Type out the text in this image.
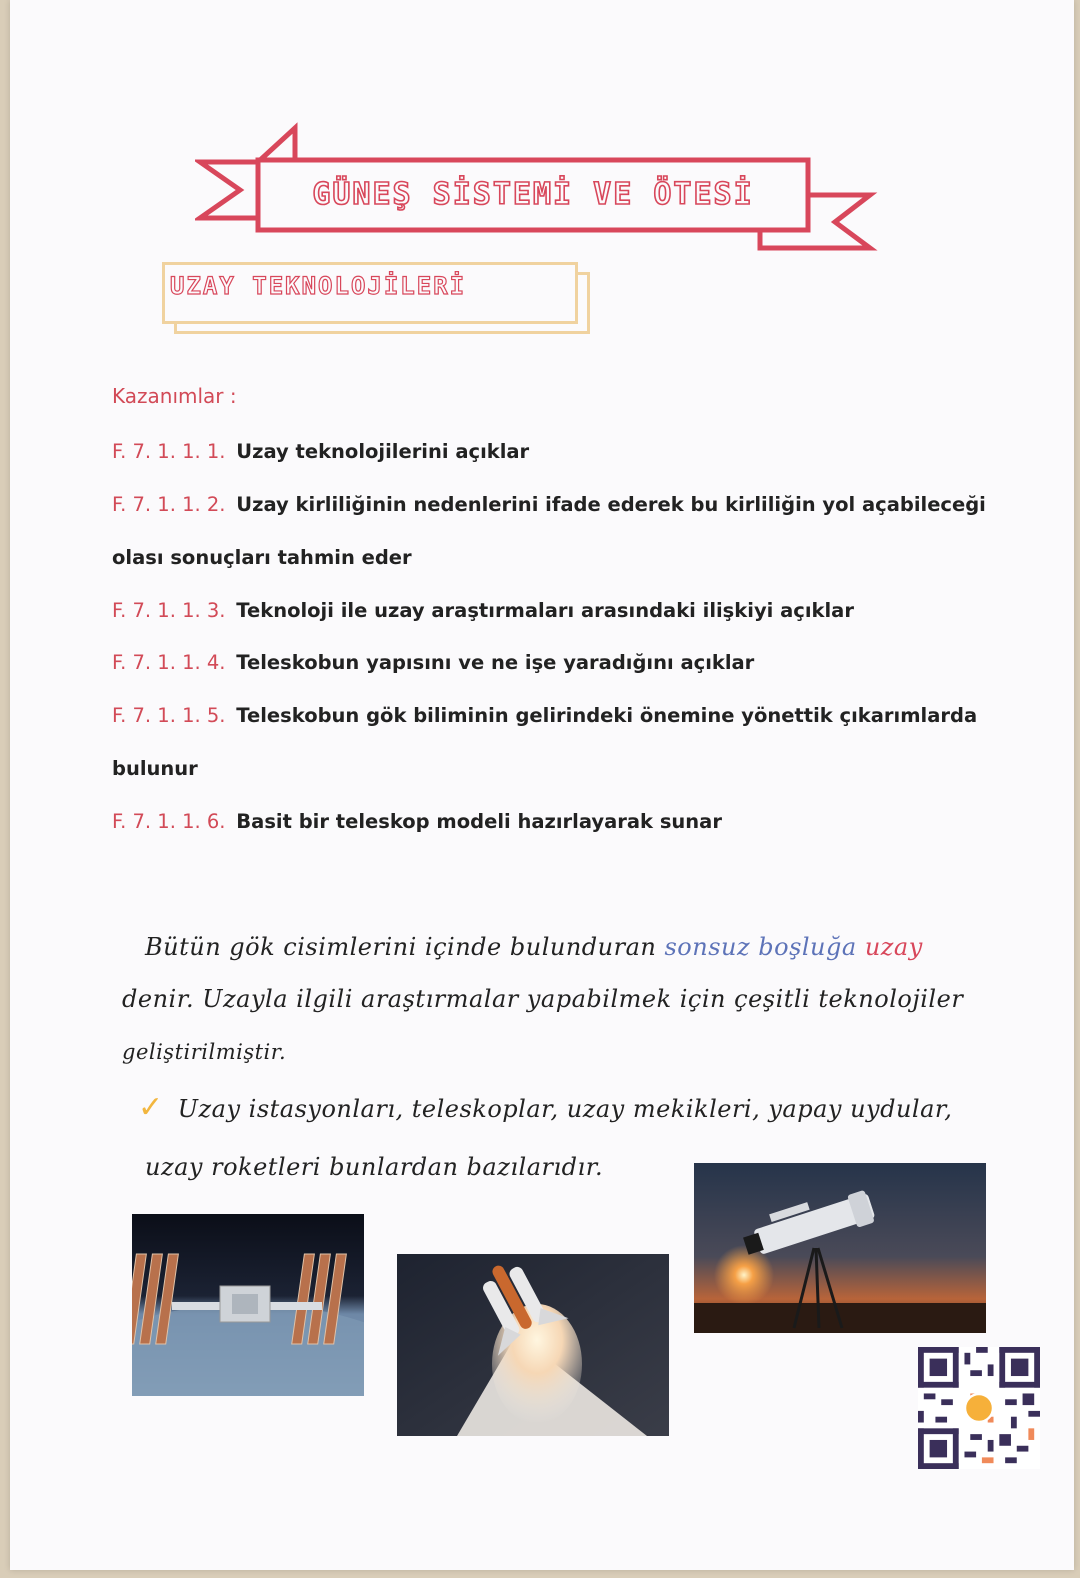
GÜNEŞ SİSTEMİ VE ÖTESİ
UZAY TEKNOLOJİLERİ
Kazanımlar :
F. 7. 1. 1. 1. Uzay teknolojilerini açıklar
F. 7. 1. 1. 2. Uzay kirliliğinin nedenlerini ifade ederek bu kirliliğin yol açabileceği
olası sonuçları tahmin eder
F. 7. 1. 1. 3. Teknoloji ile uzay araştırmaları arasındaki ilişkiyi açıklar
F. 7. 1. 1. 4. Teleskobun yapısını ve ne işe yaradığını açıklar
F. 7. 1. 1. 5. Teleskobun gök biliminin gelirindeki önemine yönettik çıkarımlarda
bulunur
F. 7. 1. 1. 6. Basit bir teleskop modeli hazırlayarak sunar
Bütün gök cisimlerini içinde bulunduran sonsuz boşluğa uzay
denir. Uzayla ilgili araştırmalar yapabilmek için çeşitli teknolojiler
geliştirilmiştir.
✓ Uzay istasyonları, teleskoplar, uzay mekikleri, yapay uydular,
uzay roketleri bunlardan bazılarıdır.
